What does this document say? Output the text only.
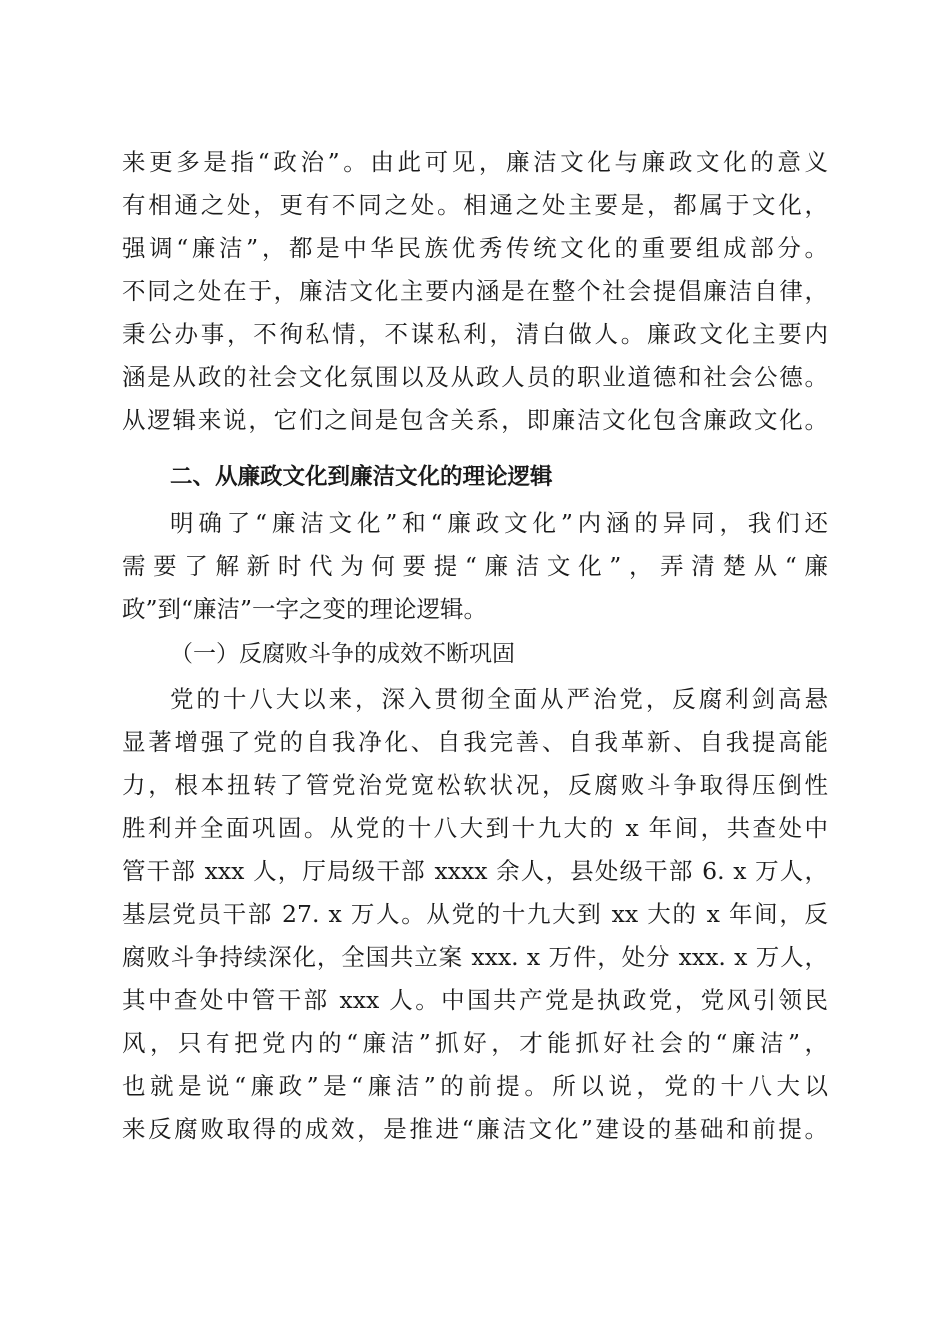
来更多是指“政治”。由此可见，廉洁文化与廉政文化的意义
有相通之处，更有不同之处。相通之处主要是，都属于文化，
强调“廉洁”，都是中华民族优秀传统文化的重要组成部分。
不同之处在于，廉洁文化主要内涵是在整个社会提倡廉洁自律，
秉公办事，不徇私情，不谋私利，清白做人。廉政文化主要内
涵是从政的社会文化氛围以及从政人员的职业道德和社会公德。
从逻辑来说，它们之间是包含关系，即廉洁文化包含廉政文化。
二、从廉政文化到廉洁文化的理论逻辑
明确了“廉洁文化”和“廉政文化”内涵的异同，我们还
需要了解新时代为何要提“廉洁文化”，弄清楚从“廉
政”到“廉洁”一字之变的理论逻辑。
（一）反腐败斗争的成效不断巩固
党的十八大以来，深入贯彻全面从严治党，反腐利剑高悬
显著增强了党的自我净化、自我完善、自我革新、自我提高能
力，根本扭转了管党治党宽松软状况，反腐败斗争取得压倒性
胜利并全面巩固。从党的十八大到十九大的 x 年间，共查处中
管干部 xxx 人，厅局级干部 xxxx 余人，县处级干部 6. x 万人，
基层党员干部 27. x 万人。从党的十九大到 xx 大的 x 年间，反
腐败斗争持续深化，全国共立案 xxx. x 万件，处分 xxx. x 万人，
其中查处中管干部 xxx 人。中国共产党是执政党，党风引领民
风，只有把党内的“廉洁”抓好，才能抓好社会的“廉洁”，
也就是说“廉政”是“廉洁”的前提。所以说，党的十八大以
来反腐败取得的成效，是推进“廉洁文化”建设的基础和前提。
